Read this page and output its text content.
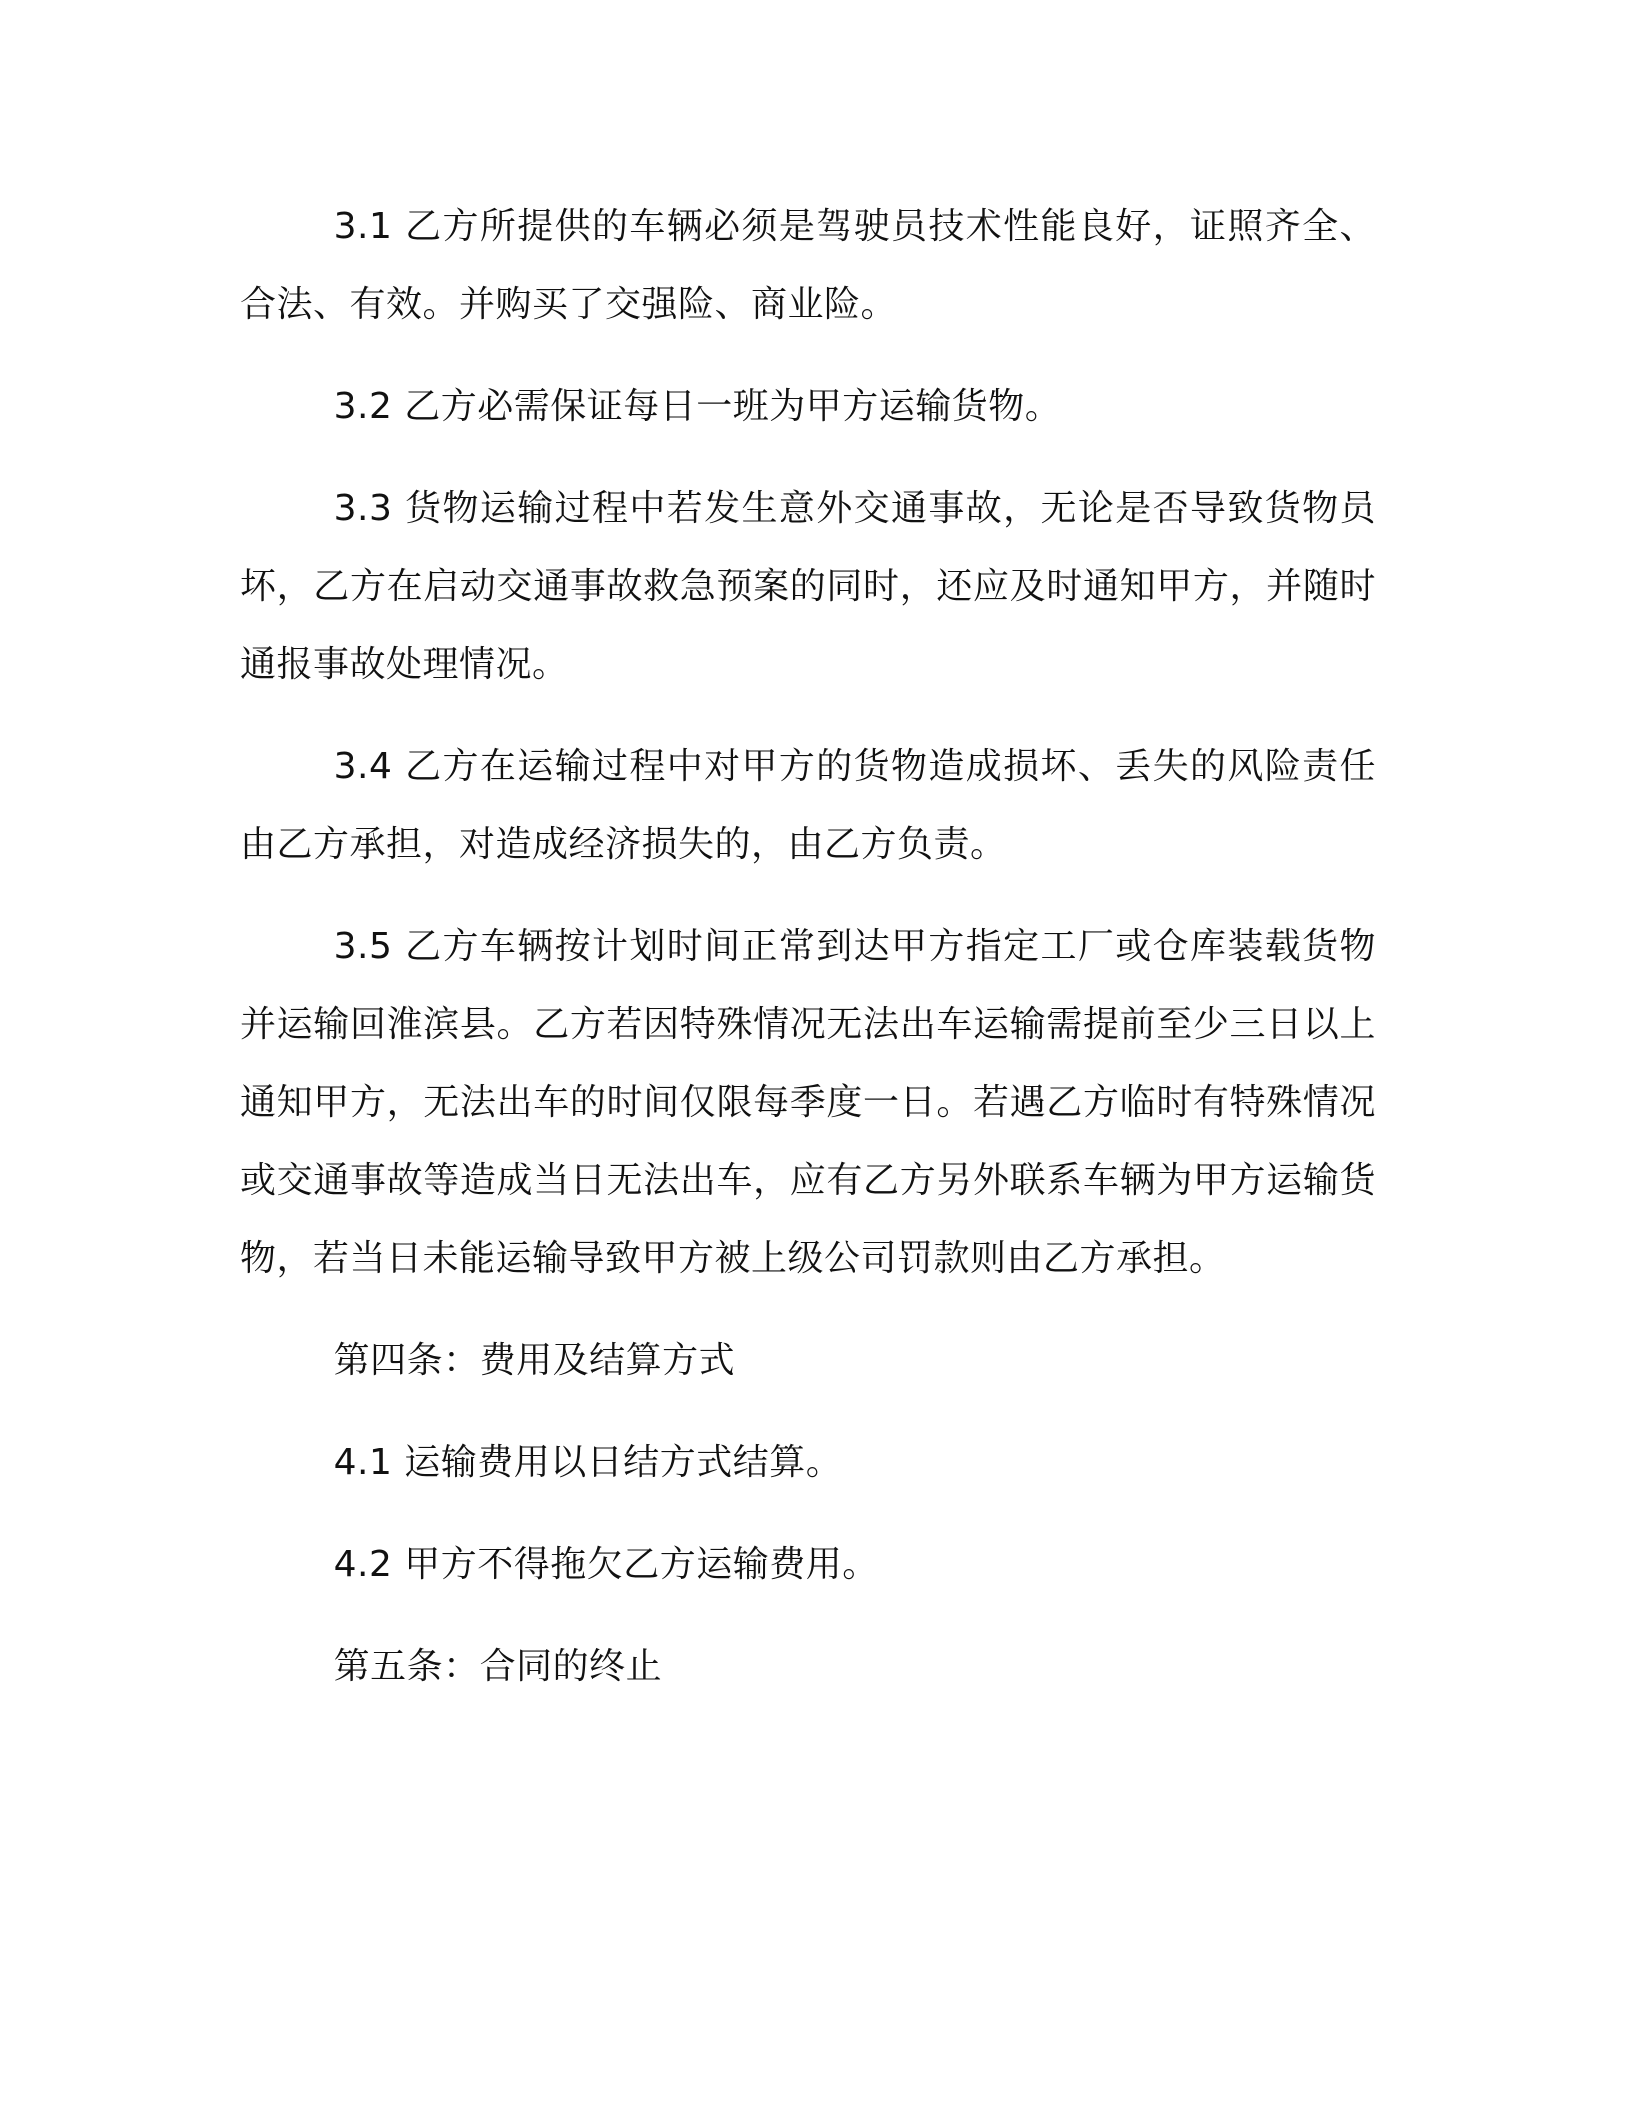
3.1 乙方所提供的车辆必须是驾驶员技术性能良好，证照齐全、合法、有效。并购买了交强险、商业险。

3.2 乙方必需保证每日一班为甲方运输货物。

3.3 货物运输过程中若发生意外交通事故，无论是否导致货物员坏，乙方在启动交通事故救急预案的同时，还应及时通知甲方，并随时通报事故处理情况。

3.4 乙方在运输过程中对甲方的货物造成损坏、丢失的风险责任由乙方承担，对造成经济损失的，由乙方负责。

3.5 乙方车辆按计划时间正常到达甲方指定工厂或仓库装载货物并运输回淮滨县。乙方若因特殊情况无法出车运输需提前至少三日以上通知甲方，无法出车的时间仅限每季度一日。若遇乙方临时有特殊情况或交通事故等造成当日无法出车，应有乙方另外联系车辆为甲方运输货物，若当日未能运输导致甲方被上级公司罚款则由乙方承担。

第四条：费用及结算方式

4.1 运输费用以日结方式结算。

4.2 甲方不得拖欠乙方运输费用。

第五条：合同的终止
